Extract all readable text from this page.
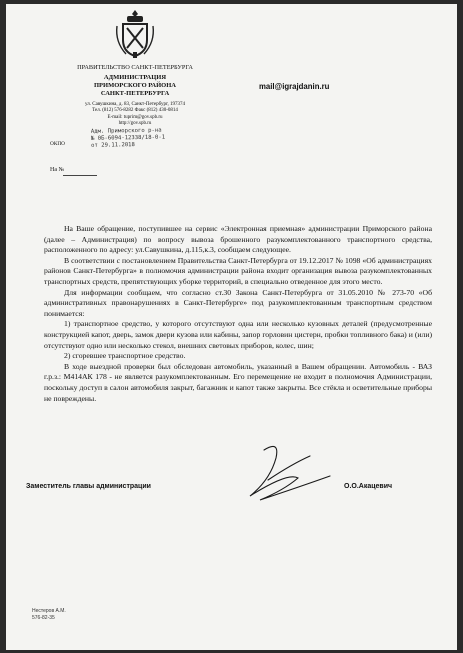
ПРАВИТЕЛЬСТВО САНКТ-ПЕТЕРБУРГА
АДМИНИСТРАЦИЯ
ПРИМОРСКОГО РАЙОНА
САНКТ-ПЕТЕРБУРГА
ул. Савушкина, д. 83, Санкт-Петербург, 197374
Тел. (812) 576-8282 Факс (812) 430-0814
E-mail: tuprim@gov.spb.ru
http://gov.spb.ru
ОКПО
Адм. Приморского р-на
№ 0Б-6094-12338/18-0-1
от 29.11.2018
На №
mail@igrajdanin.ru

На Ваше обращение, поступившее на сервис «Электронная приемная» администрации Приморского района (далее – Администрация) по вопросу вывоза брошенного разукомплектованного транспортного средства, расположенного по адресу: ул.Савушкина, д.115,к.3, сообщаем следующее.

В соответствии с постановлением Правительства Санкт-Петербурга от 19.12.2017 № 1098 «Об администрациях районов Санкт-Петербурга» в полномочия администрации района входит организация вывоза разукомплектованных транспортных средств, препятствующих уборке территорий, в специально отведенное для этого место.

Для информации сообщаем, что согласно ст.30 Закона Санкт-Петербурга от 31.05.2010 № 273-70 «Об административных правонарушениях в Санкт-Петербурге» под разукомплектованным транспортным средством понимается:

1) транспортное средство, у которого отсутствуют одна или несколько кузовных деталей (предусмотренные конструкцией капот, дверь, замок двери кузова или кабины, запор горловин цистерн, пробки топливного бака) и (или) отсутствуют одно или несколько стекол, внешних световых приборов, колес, шин;

2) сгоревшее транспортное средство.

В ходе выездной проверки был обследован автомобиль, указанный в Вашем обращении. Автомобиль - ВАЗ г.р.з.: М414АК 178 - не является разукомплектованным. Его перемещение не входит в полномочия Администрации, поскольку доступ в салон автомобиля закрыт, багажник и капот также закрыты. Все стёкла и осветительные приборы не повреждены.

Заместитель главы администрации	О.О.Акацевич
Нестеров А.М.
576-82-35
